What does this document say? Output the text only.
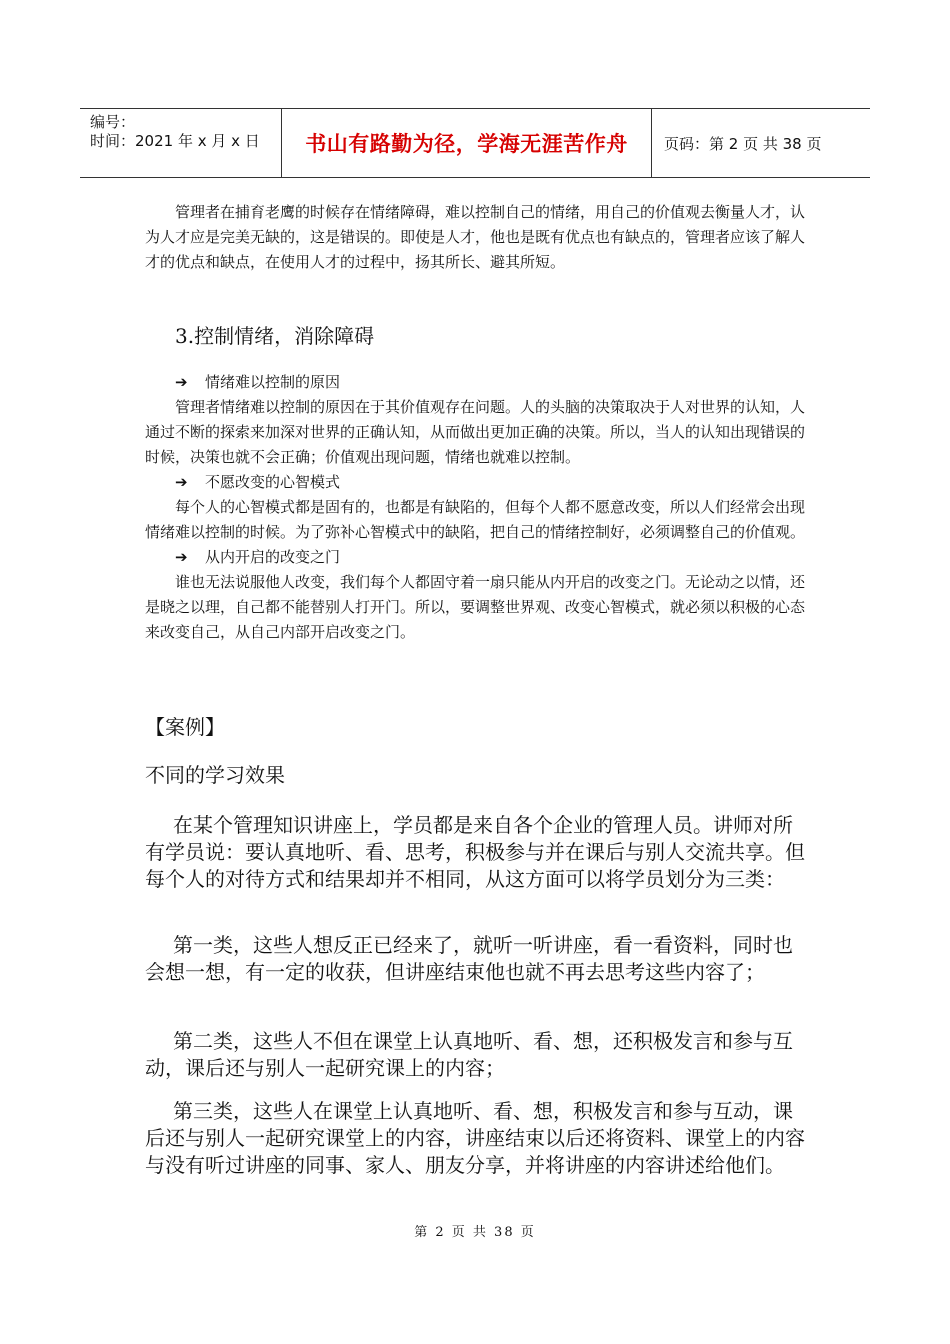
编号：
时间：2021 年 x 月 x 日	书山有路勤为径，学海无涯苦作舟	页码：第 2 页 共 38 页

管理者在捕育老鹰的时候存在情绪障碍，难以控制自己的情绪，用自己的价值观去衡量人才，认为人才应是完美无缺的，这是错误的。即使是人才，他也是既有优点也有缺点的，管理者应该了解人才的优点和缺点，在使用人才的过程中，扬其所长、避其所短。

3.控制情绪，消除障碍

➔	情绪难以控制的原因

管理者情绪难以控制的原因在于其价值观存在问题。人的头脑的决策取决于人对世界的认知，人通过不断的探索来加深对世界的正确认知，从而做出更加正确的决策。所以，当人的认知出现错误的时候，决策也就不会正确；价值观出现问题，情绪也就难以控制。

➔	不愿改变的心智模式

每个人的心智模式都是固有的，也都是有缺陷的，但每个人都不愿意改变，所以人们经常会出现情绪难以控制的时候。为了弥补心智模式中的缺陷，把自己的情绪控制好，必须调整自己的价值观。

➔	从内开启的改变之门

谁也无法说服他人改变，我们每个人都固守着一扇只能从内开启的改变之门。无论动之以情，还是晓之以理，自己都不能替别人打开门。所以，要调整世界观、改变心智模式，就必须以积极的心态来改变自己，从自己内部开启改变之门。

【案例】

不同的学习效果

在某个管理知识讲座上，学员都是来自各个企业的管理人员。讲师对所有学员说：要认真地听、看、思考，积极参与并在课后与别人交流共享。但每个人的对待方式和结果却并不相同，从这方面可以将学员划分为三类：

第一类，这些人想反正已经来了，就听一听讲座，看一看资料，同时也会想一想，有一定的收获，但讲座结束他也就不再去思考这些内容了；

第二类，这些人不但在课堂上认真地听、看、想，还积极发言和参与互动，课后还与别人一起研究课上的内容；

第三类，这些人在课堂上认真地听、看、想，积极发言和参与互动，课后还与别人一起研究课堂上的内容，讲座结束以后还将资料、课堂上的内容与没有听过讲座的同事、家人、朋友分享，并将讲座的内容讲述给他们。

第 2 页 共 38 页
